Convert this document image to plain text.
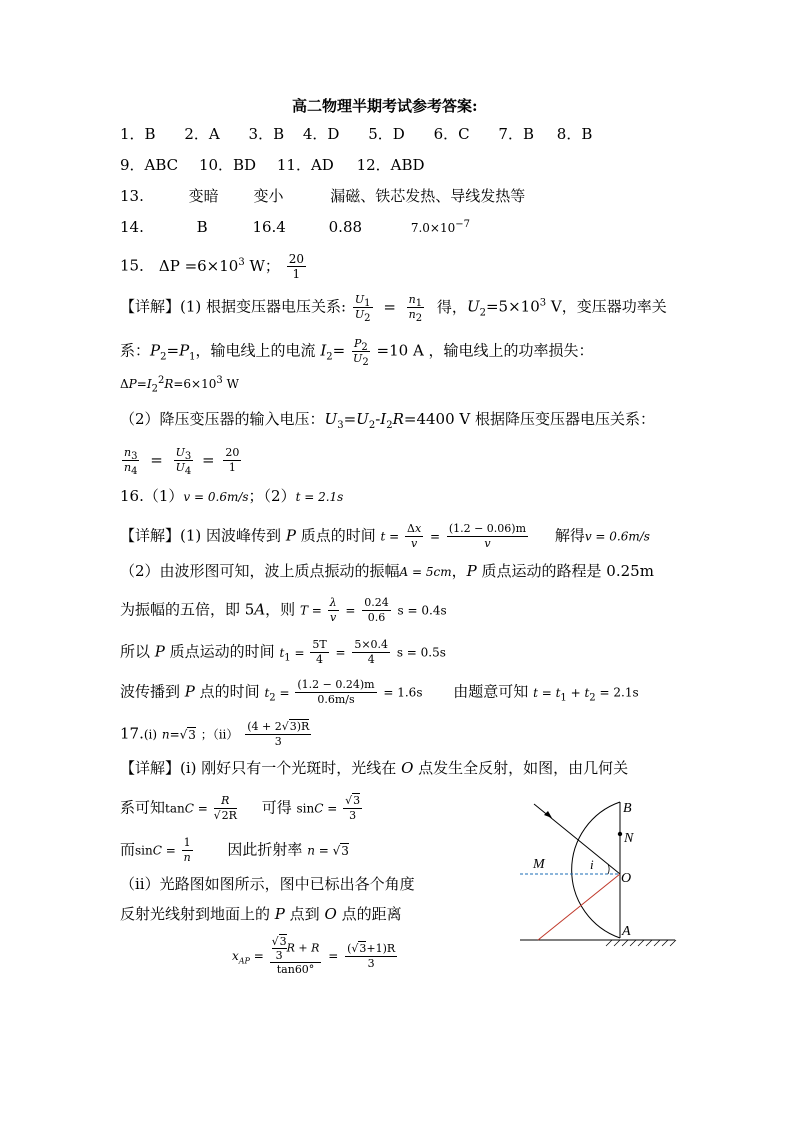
高二物理半期考试参考答案:
1．B 2．A 3．B 4．D 5．D 6．C 7．B 8．B
9．ABC 10．BD 11．AD 12．ABD
13.	变暗 变小	漏磁、铁芯发热、导线发热等
14.	B	16.4	0.88	$7.0\times 10^{-7}$
15． $\Delta P =6\times 10^3$ W； $\frac{20}{1}$
【详解】(1) 根据变压器电压关系: $\frac{U_1}{U_2} = \frac{n_1}{n_2}$ 得，$U_2=5\times 10^3$ V，变压器功率关
系：$P_2=P_1$，输电线上的电流 $I_2= \frac{P_2}{U_2} =10$ A ，输电线上的功率损失：
$\Delta P=I_2^2R=6\times 10^3$ W
（2）降压变压器的输入电压：$U_3=U_2-I_2R=4400$ V 根据降压变压器电压关系：
$\frac{n_3}{n_4} = \frac{U_3}{U_4} = \frac{20}{1}$
16.（1）v = 0.6m/s；（2）t = 2.1s
【详解】(1) 因波峰传到 P 质点的时间 $t = \frac{\Delta x}{v} = \frac{(1.2 - 0.06)m}{v}$ 解得v = 0.6m/s
（2）由波形图可知，波上质点振动的振幅A = 5cm，P 质点运动的路程是 0.25m
为振幅的五倍，即 5A，则 $T = \frac{\lambda}{v} = \frac{0.24}{0.6}$ s = 0.4s
所以 P 质点运动的时间 $t_1 = \frac{5T}{4} = \frac{5\times 0.4}{4}$ s = 0.5s
波传播到 P 点的时间 $t_2 = \frac{(1.2 - 0.24)m}{0.6m/s} = 1.6s$ 由题意可知 $t = t_1 + t_2 = 2.1s$
17.(i) n=√3 ；$(ii) \frac{(4 + 2√3)R}{3}$
【详解】(i) 刚好只有一个光斑时，光线在 O 点发生全反射，如图，由几何关
系可知$\tan C = \frac{R}{√2R}$ 可得 $\sin C = \frac{√3}{3}$
而$\sin C = \frac{1}{n}$ 因此折射率 n = √3
（ii）光路图如图所示，图中已标出各个角度
反射光线射到地面上的 P 点到 O 点的距离
$x_{AP} = \frac{\frac{√3}{3} R + R}{\tan 60^\circ} = \frac{(√3+1)R}{3}$
B
N
M	i
O
A
